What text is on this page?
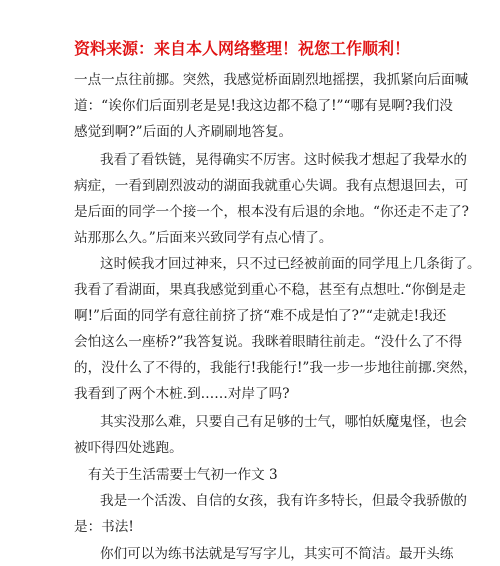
资料来源：来自本人网络整理！祝您工作顺利！
一点一点往前挪。突然，我感觉桥面剧烈地摇摆，我抓紧向后面喊
道：“诶你们后面别老是晃!我这边都不稳了!”“哪有晃啊?我们没
感觉到啊?”后面的人齐刷刷地答复。
我看了看铁链，晃得确实不厉害。这时候我才想起了我晕水的
病症，一看到剧烈波动的湖面我就重心失调。我有点想退回去，可
是后面的同学一个接一个，根本没有后退的余地。“你还走不走了?
站那那么久。”后面来兴致同学有点心情了。
这时候我才回过神来，只不过已经被前面的同学甩上几条街了。
我看了看湖面，果真我感觉到重心不稳，甚至有点想吐.“你倒是走
啊!”后面的同学有意往前挤了挤“难不成是怕了?”“走就走!我还
会怕这么一座桥?”我答复说。我眯着眼睛往前走。“没什么了不得
的，没什么了不得的，我能行!我能行!”我一步一步地往前挪.突然，
我看到了两个木桩.到……对岸了吗?
其实没那么难，只要自己有足够的士气，哪怕妖魔鬼怪，也会
被吓得四处逃跑。
有关于生活需要士气初一作文 3
我是一个活泼、自信的女孩，我有许多特长，但最令我骄傲的
是：书法!
你们可以为练书法就是写写字儿，其实可不简洁。最开头练
